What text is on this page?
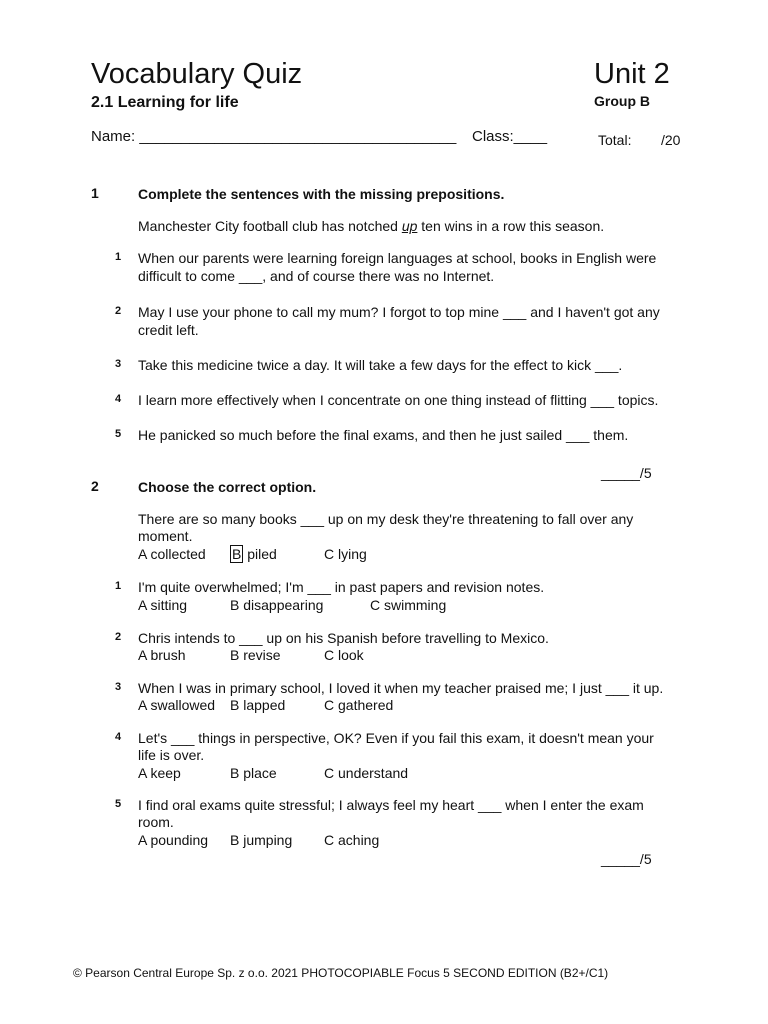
Vocabulary Quiz	Unit 2
2.1 Learning for life	Group B
Name: ______________________________________ Class:____	Total: /20
1	Complete the sentences with the missing prepositions.
Manchester City football club has notched up ten wins in a row this season.
1 When our parents were learning foreign languages at school, books in English were
difficult to come ___, and of course there was no Internet.
2 May I use your phone to call my mum? I forgot to top mine ___ and I haven't got any
credit left.
3 Take this medicine twice a day. It will take a few days for the effect to kick ___.
4 I learn more effectively when I concentrate on one thing instead of flitting ___ topics.
5 He panicked so much before the final exams, and then he just sailed ___ them.
_____/5
2	Choose the correct option.
There are so many books ___ up on my desk they're threatening to fall over any
moment.
A collected B piled	C lying
1 I'm quite overwhelmed; I'm ___ in past papers and revision notes.
A sitting	B disappearing	C swimming
2 Chris intends to ___ up on his Spanish before travelling to Mexico.
A brush	B revise	C look
3 When I was in primary school, I loved it when my teacher praised me; I just ___ it up.
A swallowed B lapped	C gathered
4 Let's ___ things in perspective, OK? Even if you fail this exam, it doesn't mean your
life is over.
A keep	B place	C understand
5 I find oral exams quite stressful; I always feel my heart ___ when I enter the exam
room.
A pounding B jumping C aching
_____/5
© Pearson Central Europe Sp. z o.o. 2021 PHOTOCOPIABLE Focus 5 SECOND EDITION (B2+/C1)
